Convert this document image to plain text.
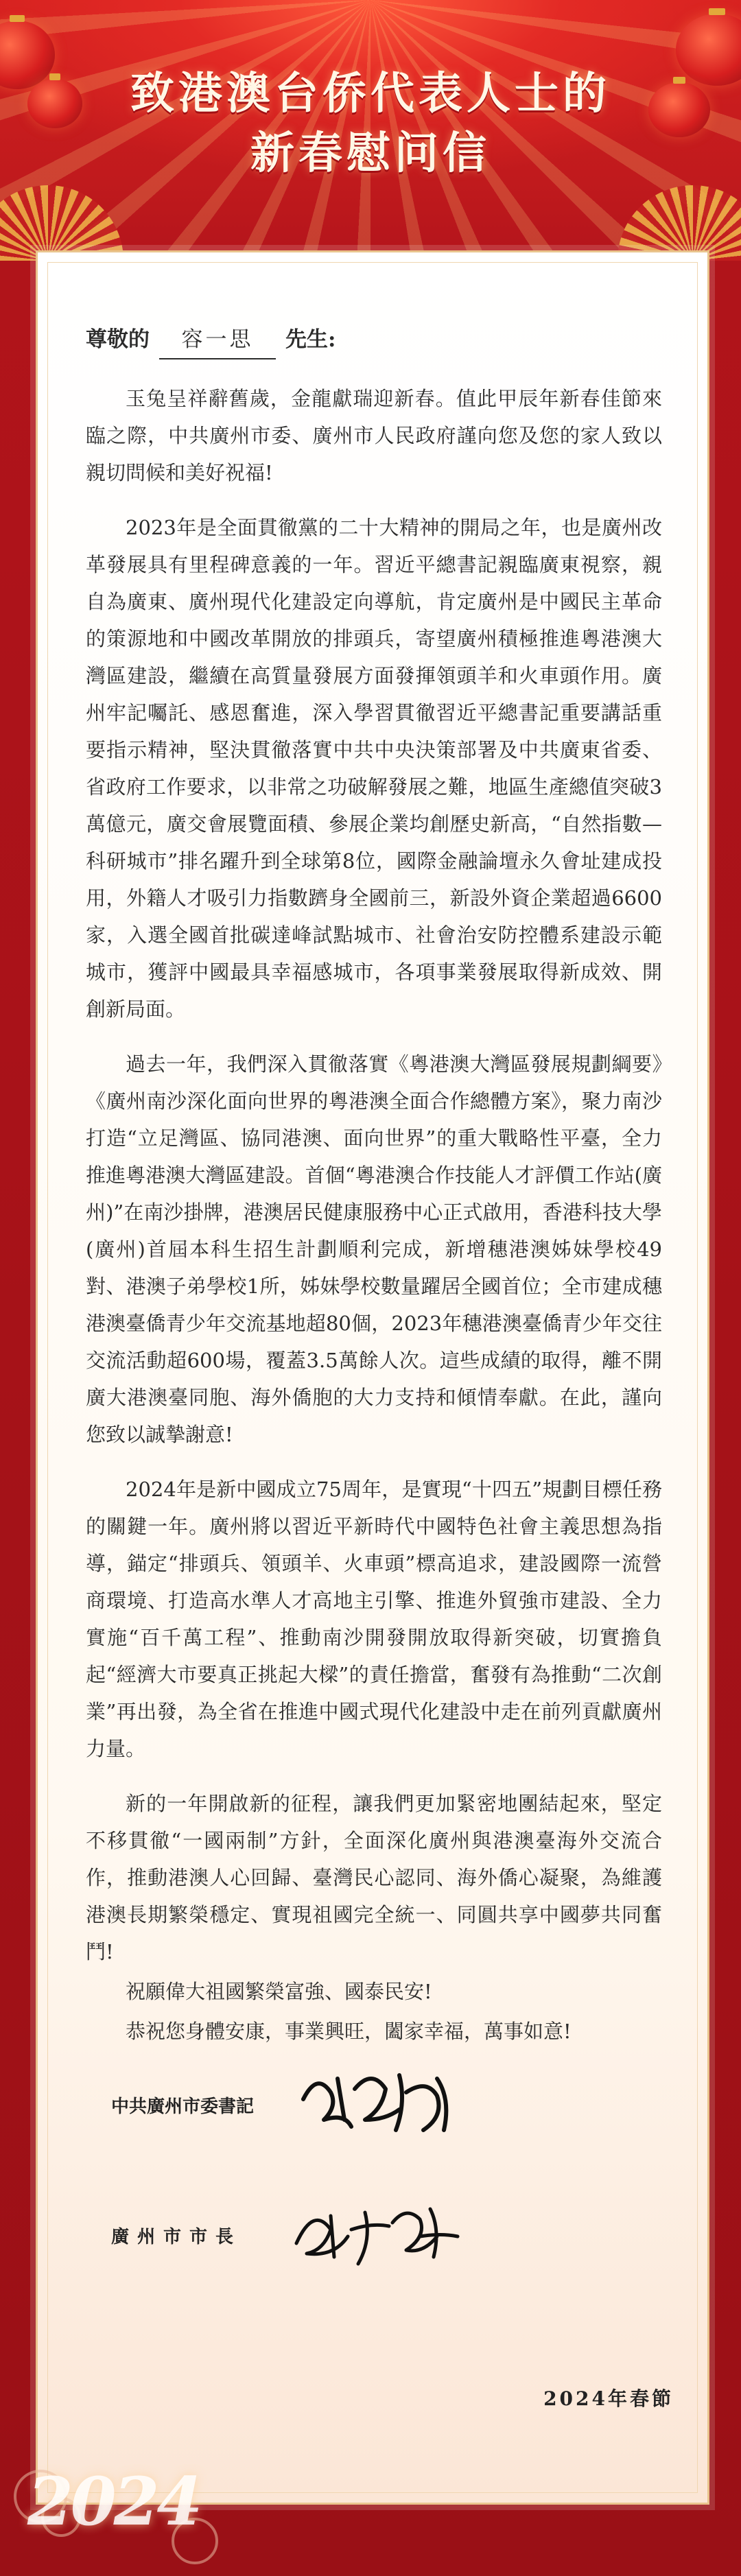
致港澳台侨代表人士的
新春慰问信
尊敬的 容一思 先生:

玉兔呈祥辭舊歲，金龍獻瑞迎新春。值此甲辰年新春佳節來臨之際，中共廣州市委、廣州市人民政府謹向您及您的家人致以親切問候和美好祝福!

2023年是全面貫徹黨的二十大精神的開局之年，也是廣州改革發展具有里程碑意義的一年。習近平總書記親臨廣東視察，親自為廣東、廣州現代化建設定向導航，肯定廣州是中國民主革命的策源地和中國改革開放的排頭兵，寄望廣州積極推進粵港澳大灣區建設，繼續在高質量發展方面發揮領頭羊和火車頭作用。廣州牢記囑託、感恩奮進，深入學習貫徹習近平總書記重要講話重要指示精神，堅決貫徹落實中共中央決策部署及中共廣東省委、省政府工作要求，以非常之功破解發展之難，地區生產總值突破3萬億元，廣交會展覽面積、參展企業均創歷史新高，“自然指數—科研城市”排名躍升到全球第8位，國際金融論壇永久會址建成投用，外籍人才吸引力指數躋身全國前三，新設外資企業超過6600家，入選全國首批碳達峰試點城市、社會治安防控體系建設示範城市，獲評中國最具幸福感城市，各項事業發展取得新成效、開創新局面。

過去一年，我們深入貫徹落實《粵港澳大灣區發展規劃綱要》《廣州南沙深化面向世界的粵港澳全面合作總體方案》，聚力南沙打造“立足灣區、協同港澳、面向世界”的重大戰略性平臺，全力推進粵港澳大灣區建設。首個“粵港澳合作技能人才評價工作站(廣州)”在南沙掛牌，港澳居民健康服務中心正式啟用，香港科技大學(廣州)首屆本科生招生計劃順利完成，新增穗港澳姊妹學校49對、港澳子弟學校1所，姊妹學校數量躍居全國首位；全市建成穗港澳臺僑青少年交流基地超80個，2023年穗港澳臺僑青少年交往交流活動超600場，覆蓋3.5萬餘人次。這些成績的取得，離不開廣大港澳臺同胞、海外僑胞的大力支持和傾情奉獻。在此，謹向您致以誠摯謝意!

2024年是新中國成立75周年，是實現“十四五”規劃目標任務的關鍵一年。廣州將以習近平新時代中國特色社會主義思想為指導，錨定“排頭兵、領頭羊、火車頭”標高追求，建設國際一流營商環境、打造高水準人才高地主引擎、推進外貿強市建設、全力實施“百千萬工程”、推動南沙開發開放取得新突破，切實擔負起“經濟大市要真正挑起大樑”的責任擔當，奮發有為推動“二次創業”再出發，為全省在推進中國式現代化建設中走在前列貢獻廣州力量。

新的一年開啟新的征程，讓我們更加緊密地團結起來，堅定不移貫徹“一國兩制”方針，全面深化廣州與港澳臺海外交流合作，推動港澳人心回歸、臺灣民心認同、海外僑心凝聚，為維護港澳長期繁榮穩定、實現祖國完全統一、同圓共享中國夢共同奮鬥!

祝願偉大祖國繁榮富強、國泰民安!

恭祝您身體安康，事業興旺，闔家幸福，萬事如意!

中共廣州市委書記
廣州市市長
2024年春節
2024
